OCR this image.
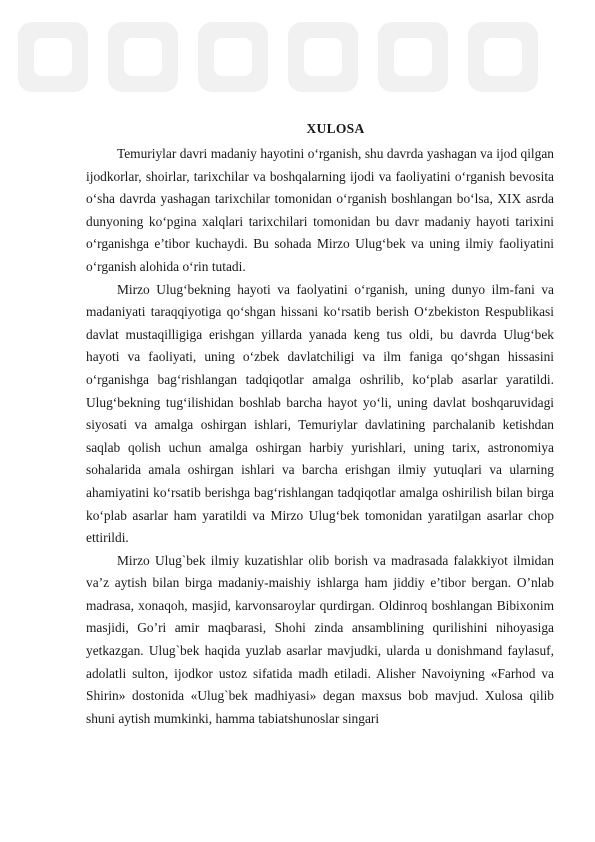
XULOSA

Temuriylar davri madaniy hayotini o‘rganish, shu davrda yashagan va ijod qilgan ijodkorlar, shoirlar, tarixchilar va boshqalarning ijodi va faoliyatini o‘rganish bevosita o‘sha davrda yashagan tarixchilar tomonidan o‘rganish boshlangan bo‘lsa, XIX asrda dunyoning ko‘pgina xalqlari tarixchilari tomonidan bu davr madaniy hayoti tarixini o‘rganishga e’tibor kuchaydi. Bu sohada Mirzo Ulug‘bek va uning ilmiy faoliyatini o‘rganish alohida o‘rin tutadi.

Mirzo Ulug‘bekning hayoti va faolyatini o‘rganish, uning dunyo ilm-fani va madaniyati taraqqiyotiga qo‘shgan hissani ko‘rsatib berish O‘zbekiston Respublikasi davlat mustaqilligiga erishgan yillarda yanada keng tus oldi, bu davrda Ulug‘bek hayoti va faoliyati, uning o‘zbek davlatchiligi va ilm faniga qo‘shgan hissasini o‘rganishga bag‘rishlangan tadqiqotlar amalga oshrilib, ko‘plab asarlar yaratildi. Ulug‘bekning tug‘ilishidan boshlab barcha hayot yo‘li, uning davlat boshqaruvidagi siyosati va amalga oshirgan ishlari, Temuriylar davlatining parchalanib ketishdan saqlab qolish uchun amalga oshirgan harbiy yurishlari, uning tarix, astronomiya sohalarida amala oshirgan ishlari va barcha erishgan ilmiy yutuqlari va ularning ahamiyatini ko‘rsatib berishga bag‘rishlangan tadqiqotlar amalga oshirilish bilan birga ko‘plab asarlar ham yaratildi va Mirzo Ulug‘bek tomonidan yaratilgan asarlar chop ettirildi.

Mirzo Ulug`bek ilmiy kuzatishlar olib borish va madrasada falakkiyot ilmidan va’z aytish bilan birga madaniy-maishiy ishlarga ham jiddiy e’tibor bergan. O’nlab madrasa, xonaqoh, masjid, karvonsaroylar qurdirgan. Oldinroq boshlangan Bibixonim masjidi, Go’ri amir maqbarasi, Shohi zinda ansamblining qurilishini nihoyasiga yetkazgan. Ulug`bek haqida yuzlab asarlar mavjudki, ularda u donishmand faylasuf, adolatli sulton, ijodkor ustoz sifatida madh etiladi. Alisher Navoiyning «Farhod va Shirin» dostonida «Ulug`bek madhiyasi» degan maxsus bob mavjud. Xulosa qilib shuni aytish mumkinki, hamma tabiatshunoslar singari
